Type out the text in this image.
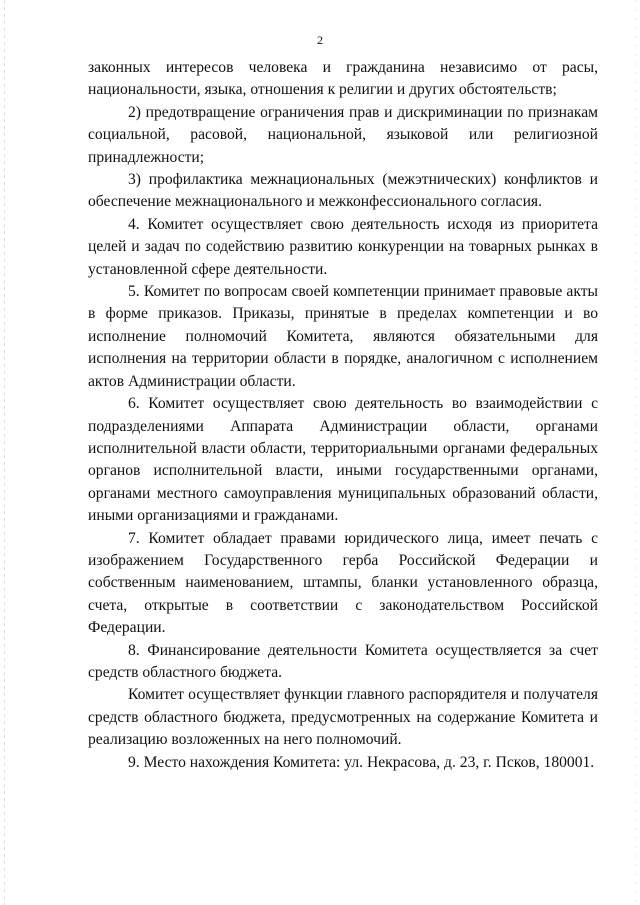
2

законных интересов человека и гражданина независимо от расы, национальности, языка, отношения к религии и других обстоятельств;

2) предотвращение ограничения прав и дискриминации по признакам социальной, расовой, национальной, языковой или религиозной принадлежности;

3) профилактика межнациональных (межэтнических) конфликтов и обеспечение межнационального и межконфессионального согласия.

4. Комитет осуществляет свою деятельность исходя из приоритета целей и задач по содействию развитию конкуренции на товарных рынках в установленной сфере деятельности.

5. Комитет по вопросам своей компетенции принимает правовые акты в форме приказов. Приказы, принятые в пределах компетенции и во исполнение полномочий Комитета, являются обязательными для исполнения на территории области в порядке, аналогичном с исполнением актов Администрации области.

6. Комитет осуществляет свою деятельность во взаимодействии с подразделениями Аппарата Администрации области, органами исполнительной власти области, территориальными органами федеральных органов исполнительной власти, иными государственными органами, органами местного самоуправления муниципальных образований области, иными организациями и гражданами.

7. Комитет обладает правами юридического лица, имеет печать с изображением Государственного герба Российской Федерации и собственным наименованием, штампы, бланки установленного образца, счета, открытые в соответствии с законодательством Российской Федерации.

8. Финансирование деятельности Комитета осуществляется за счет средств областного бюджета.

Комитет осуществляет функции главного распорядителя и получателя средств областного бюджета, предусмотренных на содержание Комитета и реализацию возложенных на него полномочий.

9. Место нахождения Комитета: ул. Некрасова, д. 23, г. Псков, 180001.
